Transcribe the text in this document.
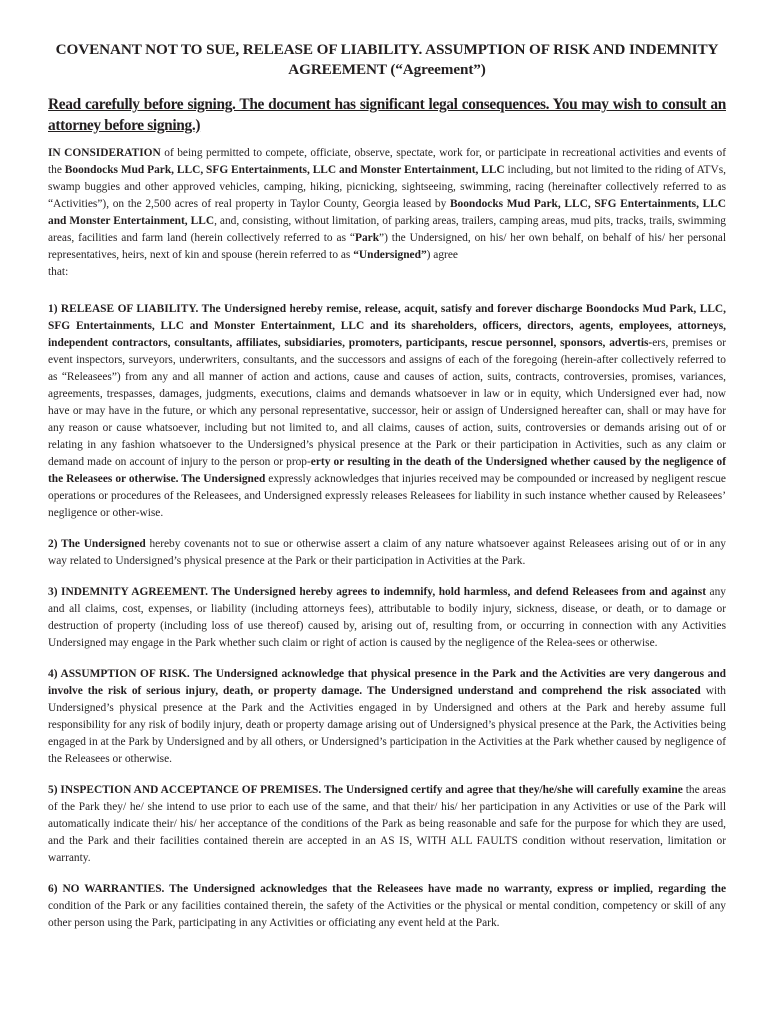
COVENANT NOT TO SUE, RELEASE OF LIABILITY. ASSUMPTION OF RISK AND INDEMNITY AGREEMENT (“Agreement”)

Read carefully before signing. The document has significant legal consequences. You may wish to consult an attorney before signing.)

IN CONSIDERATION of being permitted to compete, officiate, observe, spectate, work for, or participate in recreational activities and events of the Boondocks Mud Park, LLC, SFG Entertainments, LLC and Monster Entertainment, LLC including, but not limited to the riding of ATVs, swamp buggies and other approved vehicles, camping, hiking, picnicking, sightseeing, swimming, racing (hereinafter collectively referred to as “Activities”), on the 2,500 acres of real property in Taylor County, Georgia leased by Boondocks Mud Park, LLC, SFG Entertainments, LLC and Monster Entertainment, LLC, and, consisting, without limitation, of parking areas, trailers, camping areas, mud pits, tracks, trails, swimming areas, facilities and farm land (herein collectively referred to as “Park”) the Undersigned, on his/ her own behalf, on behalf of his/ her personal representatives, heirs, next of kin and spouse (herein referred to as “Undersigned”) agree
that:

1) RELEASE OF LIABILITY. The Undersigned hereby remise, release, acquit, satisfy and forever discharge Boondocks Mud Park, LLC, SFG Entertainments, LLC and Monster Entertainment, LLC and its shareholders, officers, directors, agents, employees, attorneys, independent contractors, consultants, affiliates, subsidiaries, promoters, participants, rescue personnel, sponsors, advertis-ers, premises or event inspectors, surveyors, underwriters, consultants, and the successors and assigns of each of the foregoing (herein-after collectively referred to as “Releasees”) from any and all manner of action and actions, cause and causes of action, suits, contracts, controversies, promises, variances, agreements, trespasses, damages, judgments, executions, claims and demands whatsoever in law or in equity, which Undersigned ever had, now have or may have in the future, or which any personal representative, successor, heir or assign of Undersigned hereafter can, shall or may have for any reason or cause whatsoever, including but not limited to, and all claims, causes of action, suits, controversies or demands arising out of or relating in any fashion whatsoever to the Undersigned’s physical presence at the Park or their participation in Activities, such as any claim or demand made on account of injury to the person or prop-erty or resulting in the death of the Undersigned whether caused by the negligence of the Releasees or otherwise. The Undersigned expressly acknowledges that injuries received may be compounded or increased by negligent rescue operations or procedures of the Releasees, and Undersigned expressly releases Releasees for liability in such instance whether caused by Releasees’ negligence or other-wise.

2) The Undersigned hereby covenants not to sue or otherwise assert a claim of any nature whatsoever against Releasees arising out of or in any way related to Undersigned’s physical presence at the Park or their participation in Activities at the Park.

3) INDEMNITY AGREEMENT. The Undersigned hereby agrees to indemnify, hold harmless, and defend Releasees from and against any and all claims, cost, expenses, or liability (including attorneys fees), attributable to bodily injury, sickness, disease, or death, or to damage or destruction of property (including loss of use thereof) caused by, arising out of, resulting from, or occurring in connection with any Activities Undersigned may engage in the Park whether such claim or right of action is caused by the negligence of the Relea-sees or otherwise.

4) ASSUMPTION OF RISK. The Undersigned acknowledge that physical presence in the Park and the Activities are very dangerous and involve the risk of serious injury, death, or property damage. The Undersigned understand and comprehend the risk associated with Undersigned’s physical presence at the Park and the Activities engaged in by Undersigned and others at the Park and hereby assume full responsibility for any risk of bodily injury, death or property damage arising out of Undersigned’s physical presence at the Park, the Activities being engaged in at the Park by Undersigned and by all others, or Undersigned’s participation in the Activities at the Park whether caused by negligence of the Releasees or otherwise.

5) INSPECTION AND ACCEPTANCE OF PREMISES. The Undersigned certify and agree that they/he/she will carefully examine the areas of the Park they/ he/ she intend to use prior to each use of the same, and that their/ his/ her participation in any Activities or use of the Park will automatically indicate their/ his/ her acceptance of the conditions of the Park as being reasonable and safe for the purpose for which they are used, and the Park and their facilities contained therein are accepted in an AS IS, WITH ALL FAULTS condition without reservation, limitation or warranty.

6) NO WARRANTIES. The Undersigned acknowledges that the Releasees have made no warranty, express or implied, regarding the condition of the Park or any facilities contained therein, the safety of the Activities or the physical or mental condition, competency or skill of any other person using the Park, participating in any Activities or officiating any event held at the Park.
